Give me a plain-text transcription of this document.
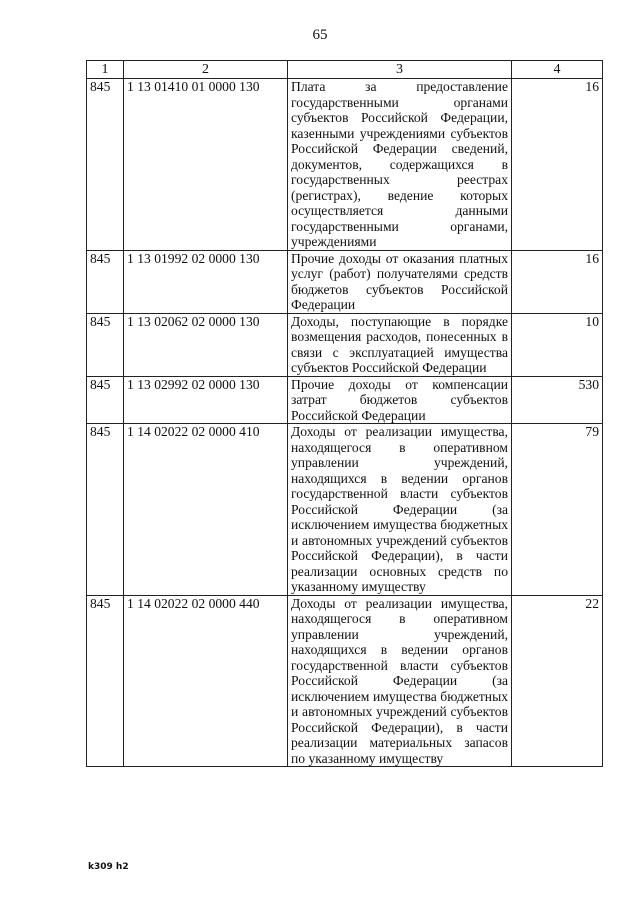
65
1	2	3	4
845	1 13 01410 01 0000 130	Плата за предоставление государственными органами субъектов Российской Федерации, казенными учреждениями субъектов Российской Федерации сведений, документов, содержащихся в государственных реестрах (регистрах), ведение которых осуществляется данными государственными органами, учреждениями	16
845	1 13 01992 02 0000 130	Прочие доходы от оказания платных услуг (работ) получателями средств бюджетов субъектов Российской Федерации	16
845	1 13 02062 02 0000 130	Доходы, поступающие в порядке возмещения расходов, понесенных в связи с эксплуатацией имущества субъектов Российской Федерации	10
845	1 13 02992 02 0000 130	Прочие доходы от компенсации затрат бюджетов субъектов Российской Федерации	530
845	1 14 02022 02 0000 410	Доходы от реализации имущества, находящегося в оперативном управлении учреждений, находящихся в ведении органов государственной власти субъектов Российской Федерации (за исключением имущества бюджетных и автономных учреждений субъектов Российской Федерации), в части реализации основных средств по указанному имуществу	79
845	1 14 02022 02 0000 440	Доходы от реализации имущества, находящегося в оперативном управлении учреждений, находящихся в ведении органов государственной власти субъектов Российской Федерации (за исключением имущества бюджетных и автономных учреждений субъектов Российской Федерации), в части реализации материальных запасов по указанному имуществу	22
k309 h2
